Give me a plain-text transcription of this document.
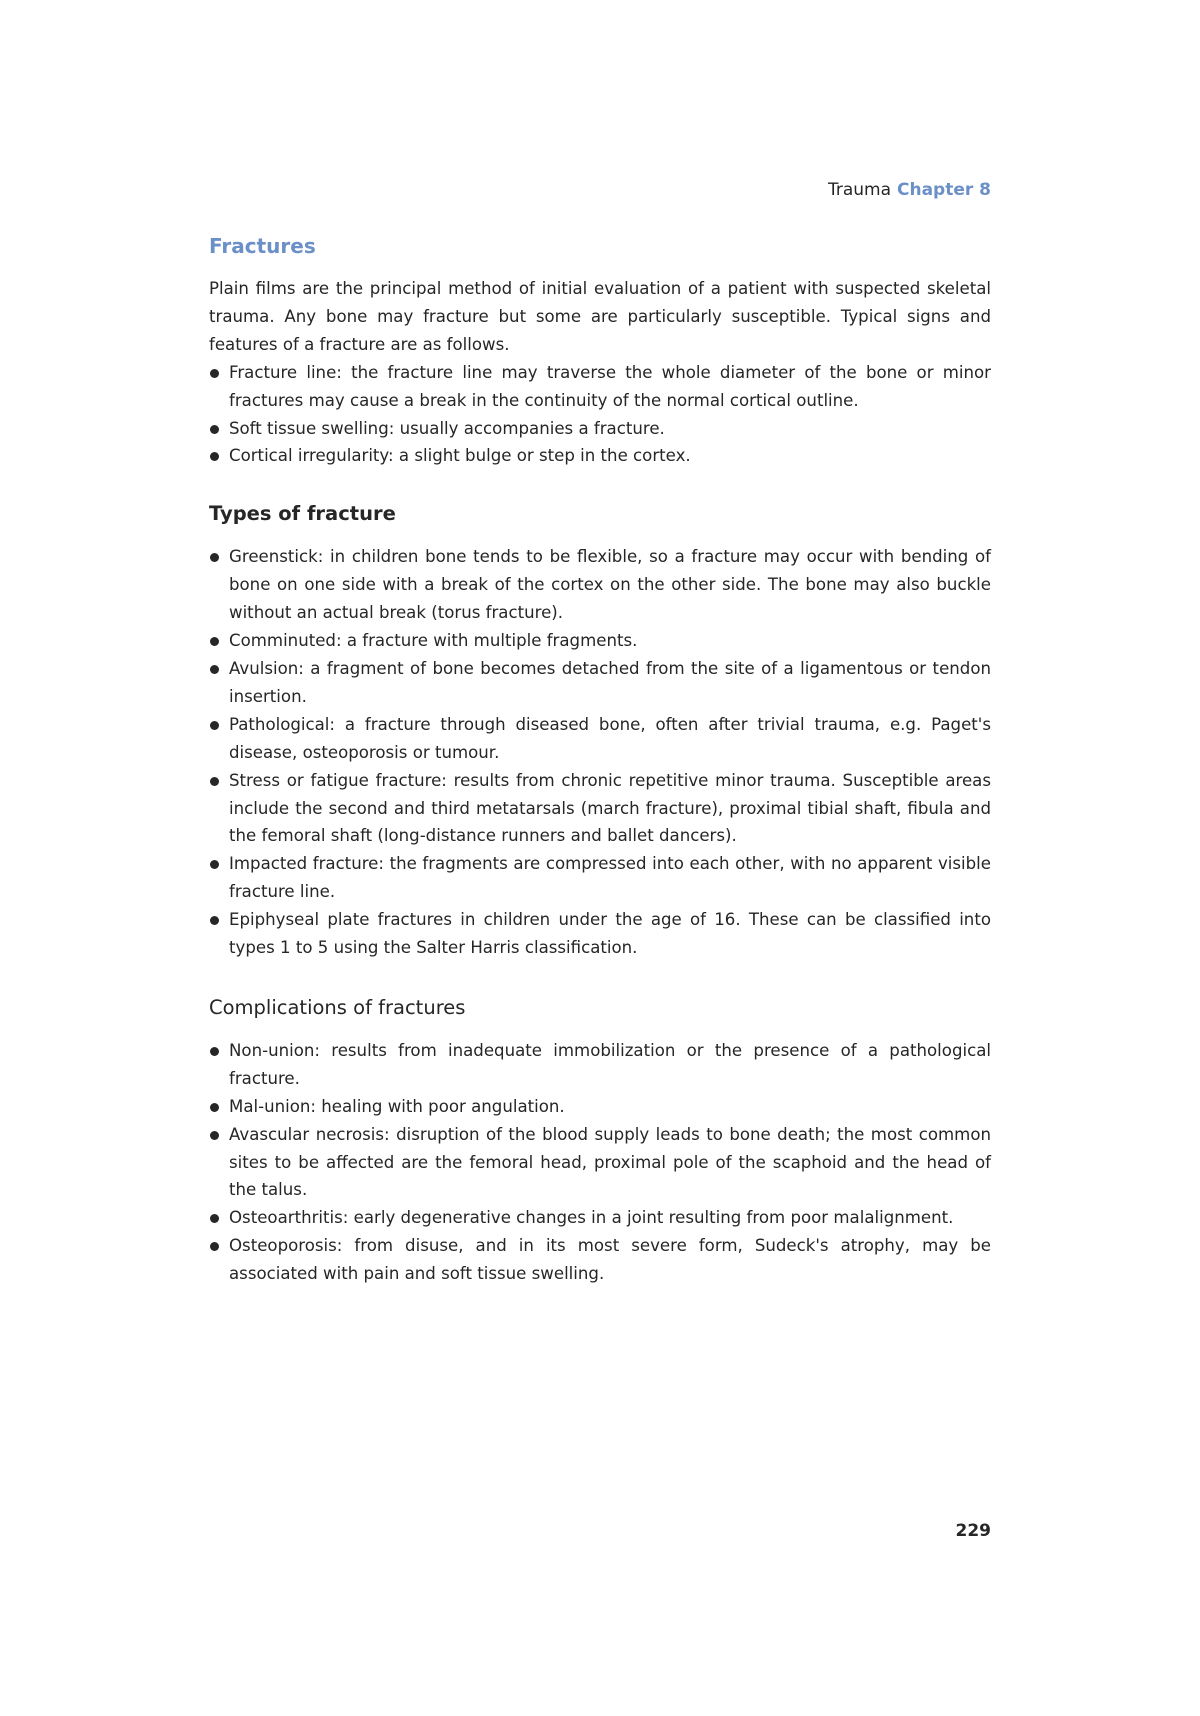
Trauma Chapter 8
Fractures

Plain films are the principal method of initial evaluation of a patient with suspected skeletal trauma. Any bone may fracture but some are particularly susceptible. Typical signs and features of a fracture are as follows.

Fracture line: the fracture line may traverse the whole diameter of the bone or minor fractures may cause a break in the continuity of the normal cortical outline.
Soft tissue swelling: usually accompanies a fracture.
Cortical irregularity: a slight bulge or step in the cortex.
Types of fracture
Greenstick: in children bone tends to be flexible, so a fracture may occur with bending of bone on one side with a break of the cortex on the other side. The bone may also buckle without an actual break (torus fracture).
Comminuted: a fracture with multiple fragments.
Avulsion: a fragment of bone becomes detached from the site of a ligamentous or tendon insertion.
Pathological: a fracture through diseased bone, often after trivial trauma, e.g. Paget's disease, osteoporosis or tumour.
Stress or fatigue fracture: results from chronic repetitive minor trauma. Susceptible areas include the second and third metatarsals (march fracture), proximal tibial shaft, fibula and the femoral shaft (long-distance runners and ballet dancers).
Impacted fracture: the fragments are compressed into each other, with no apparent visible fracture line.
Epiphyseal plate fractures in children under the age of 16. These can be classified into types 1 to 5 using the Salter Harris classification.
Complications of fractures
Non-union: results from inadequate immobilization or the presence of a pathological fracture.
Mal-union: healing with poor angulation.
Avascular necrosis: disruption of the blood supply leads to bone death; the most common sites to be affected are the femoral head, proximal pole of the scaphoid and the head of the talus.
Osteoarthritis: early degenerative changes in a joint resulting from poor malalignment.
Osteoporosis: from disuse, and in its most severe form, Sudeck's atrophy, may be associated with pain and soft tissue swelling.
229
